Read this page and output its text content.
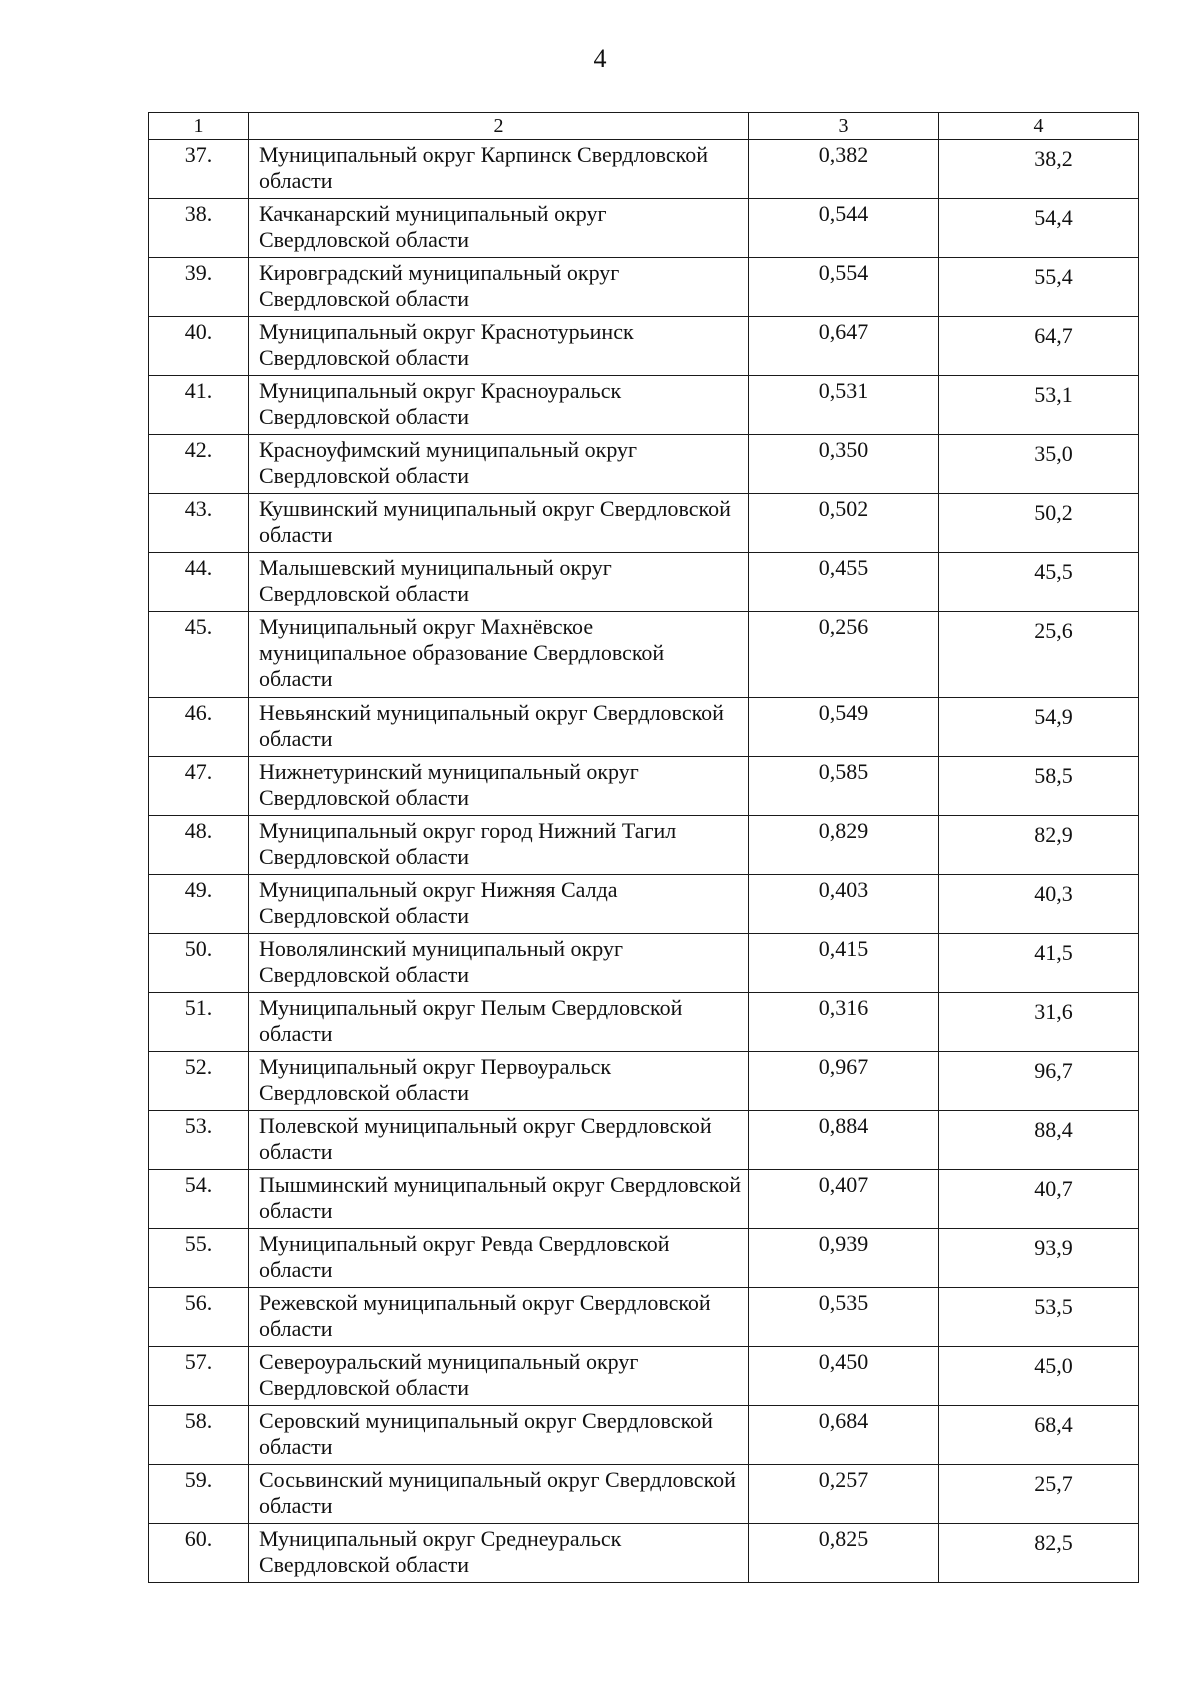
4
1	2	3	4
37.	Муниципальный округ Карпинск Свердловской области	0,382	38,2
38.	Качканарский муниципальный округ Свердловской области	0,544	54,4
39.	Кировградский муниципальный округ Свердловской области	0,554	55,4
40.	Муниципальный округ Краснотурьинск Свердловской области	0,647	64,7
41.	Муниципальный округ Красноуральск Свердловской области	0,531	53,1
42.	Красноуфимский муниципальный округ Свердловской области	0,350	35,0
43.	Кушвинский муниципальный округ Свердловской области	0,502	50,2
44.	Малышевский муниципальный округ Свердловской области	0,455	45,5
45.	Муниципальный округ Махнёвское муниципальное образование Свердловской области	0,256	25,6
46.	Невьянский муниципальный округ Свердловской области	0,549	54,9
47.	Нижнетуринский муниципальный округ Свердловской области	0,585	58,5
48.	Муниципальный округ город Нижний Тагил Свердловской области	0,829	82,9
49.	Муниципальный округ Нижняя Салда Свердловской области	0,403	40,3
50.	Новолялинский муниципальный округ Свердловской области	0,415	41,5
51.	Муниципальный округ Пелым Свердловской области	0,316	31,6
52.	Муниципальный округ Первоуральск Свердловской области	0,967	96,7
53.	Полевской муниципальный округ Свердловской области	0,884	88,4
54.	Пышминский муниципальный округ Свердловской области	0,407	40,7
55.	Муниципальный округ Ревда Свердловской области	0,939	93,9
56.	Режевской муниципальный округ Свердловской области	0,535	53,5
57.	Североуральский муниципальный округ Свердловской области	0,450	45,0
58.	Серовский муниципальный округ Свердловской области	0,684	68,4
59.	Сосьвинский муниципальный округ Свердловской области	0,257	25,7
60.	Муниципальный округ Среднеуральск Свердловской области	0,825	82,5
